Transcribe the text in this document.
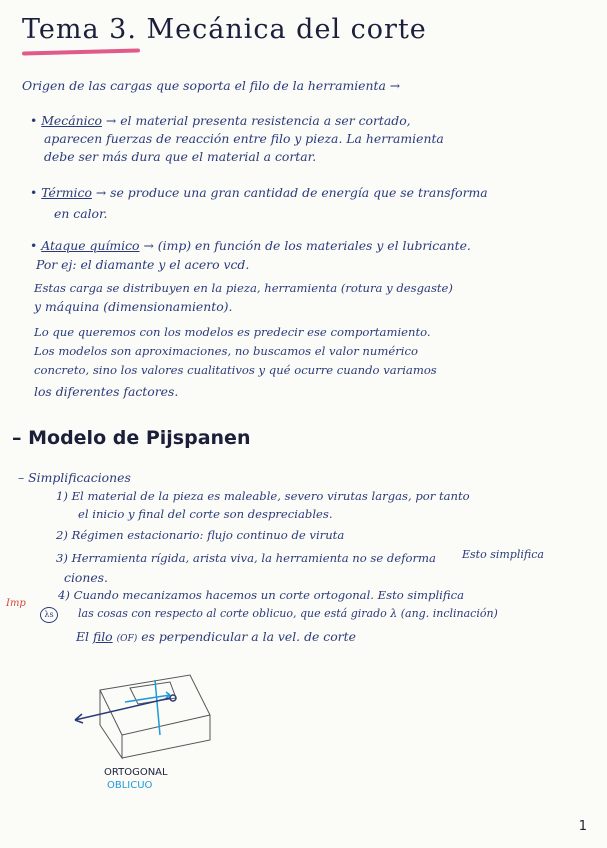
Tema 3. Mecánica del corte
Origen de las cargas que soporta el filo de la herramienta →
• Mecánico → el material presenta resistencia a ser cortado,
aparecen fuerzas de reacción entre filo y pieza. La herramienta
debe ser más dura que el material a cortar.
• Térmico → se produce una gran cantidad de energía que se transforma
en calor.
• Ataque químico → (imp) en función de los materiales y el lubricante.
Por ej: el diamante y el acero vcd.
Estas carga se distribuyen en la pieza, herramienta (rotura y desgaste)
y máquina (dimensionamiento).
Lo que queremos con los modelos es predecir ese comportamiento.
Los modelos son aproximaciones, no buscamos el valor numérico
concreto, sino los valores cualitativos y qué ocurre cuando variamos
los diferentes factores.
– Modelo de Pijspanen
– Simplificaciones
1) El material de la pieza es maleable, severo virutas largas, por tanto
el inicio y final del corte son despreciables.
2) Régimen estacionario: flujo continuo de viruta
3) Herramienta rígida, arista viva, la herramienta no se deforma
ciones.
Imp
4) Cuando mecanizamos hacemos un corte ortogonal. Esto simplifica
las cosas con respecto al corte oblicuo, que está girado λ (ang. inclinación)
λs
El filo (OF) es perpendicular a la vel. de corte
Esto simplifica
ORTOGONAL
OBLICUO
1
